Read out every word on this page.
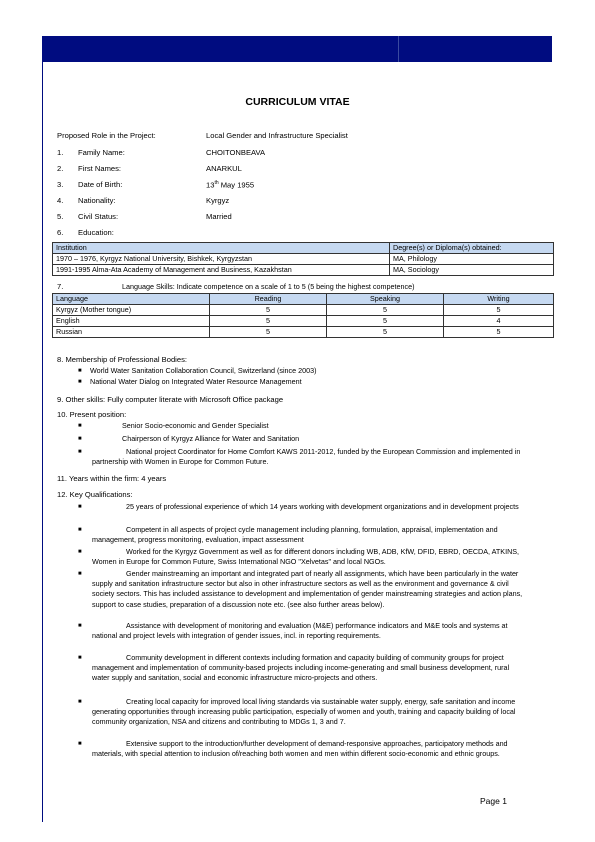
CURRICULUM VITAE
Proposed Role in the Project:	Local Gender and Infrastructure Specialist
1. Family Name:	CHOITONBEAVA
2. First Names:	ANARKUL
3. Date of Birth:	13th May 1955
4. Nationality:	Kyrgyz
5. Civil Status:	Married
6. Education:
Institution	Degree(s) or Diploma(s) obtained:
1970 – 1976, Kyrgyz National University, Bishkek, Kyrgyzstan	MA, Philology
1991-1995 Alma-Ata Academy of Management and Business, Kazakhstan	MA, Sociology
7.	Language Skills: Indicate competence on a scale of 1 to 5 (5 being the highest competence)
Language	Reading	Speaking	Writing
Kyrgyz (Mother tongue)	5	5	5
English	5	5	4
Russian	5	5	5
8. Membership of Professional Bodies:
■ World Water Sanitation Collaboration Council, Switzerland (since 2003)
■ National Water Dialog on Integrated Water Resource Management
9. Other skills: Fully computer literate with Microsoft Office package
10. Present position:
■	Senior Socio-economic and Gender Specialist
■	Chairperson of Kyrgyz Alliance for Water and Sanitation
■	National project Coordinator for Home Comfort KAWS 2011-2012, funded by the European Commission and implemented in partnership with Women in Europe for Common Future.
11. Years within the firm: 4 years
12. Key Qualifications:
■	25 years of professional experience of which 14 years working with development organizations and in development projects
■	Competent in all aspects of project cycle management including planning, formulation, appraisal, implementation and management, progress monitoring, evaluation, impact assessment
■	Worked for the Kyrgyz Government as well as for different donors including WB, ADB, KfW, DFID, EBRD, OECDA, ATKINS, Women in Europe for Common Future, Swiss International NGO "Xelvetas" and local NGOs.
■	Gender mainstreaming an important and integrated part of nearly all assignments, which have been particularly in the water supply and sanitation infrastructure sector but also in other infrastructure sectors as well as the environment and governance & civil society sectors. This has included assistance to development and implementation of gender mainstreaming strategies and action plans, support to case studies, preparation of a discussion note etc. (see also further areas below).
■	Assistance with development of monitoring and evaluation (M&E) performance indicators and M&E tools and systems at national and project levels with integration of gender issues, incl. in reporting requirements.
■	Community development in different contexts including formation and capacity building of community groups for project management and implementation of community-based projects including income-generating and small business development, rural water supply and sanitation, social and economic infrastructure micro-projects and others.
■	Creating local capacity for improved local living standards via sustainable water supply, energy, safe sanitation and income generating opportunities through increasing public participation, especially of women and youth, training and capacity building of local community organization, NSA and citizens and contributing to MDGs 1, 3 and 7.
■	Extensive support to the introduction/further development of demand-responsive approaches, participatory methods and materials, with special attention to inclusion of/reaching both women and men within different socio-economic and ethnic groups.
Page 1
